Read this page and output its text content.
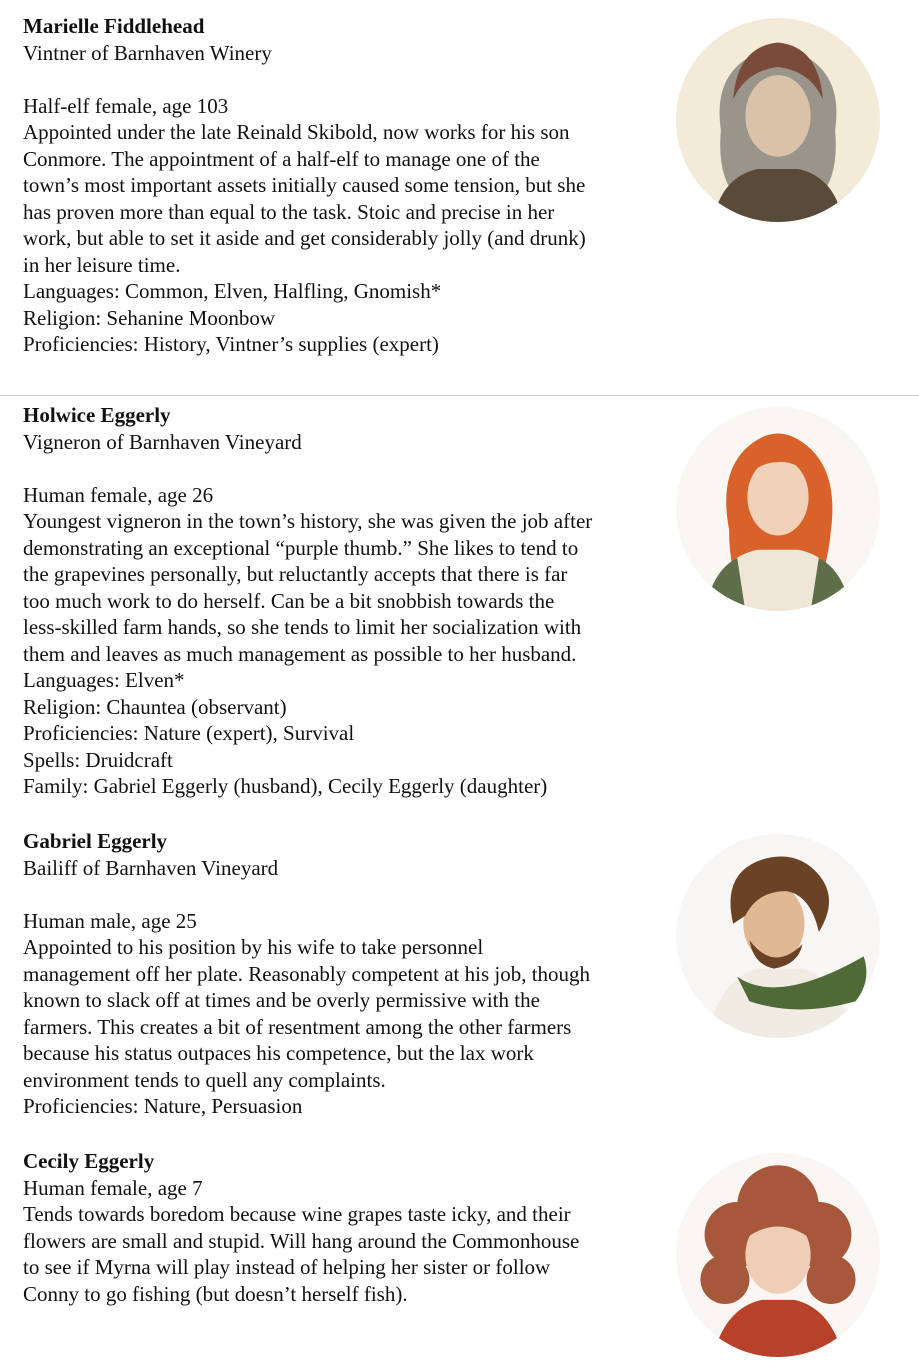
Marielle Fiddlehead

Vintner of Barnhaven Winery

Half-elf female, age 103

Appointed under the late Reinald Skibold, now works for his son

Conmore. The appointment of a half-elf to manage one of the

town’s most important assets initially caused some tension, but she

has proven more than equal to the task. Stoic and precise in her

work, but able to set it aside and get considerably jolly (and drunk)

in her leisure time.

Languages: Common, Elven, Halfling, Gnomish*

Religion: Sehanine Moonbow

Proficiencies: History, Vintner’s supplies (expert)

Holwice Eggerly

Vigneron of Barnhaven Vineyard

Human female, age 26

Youngest vigneron in the town’s history, she was given the job after

demonstrating an exceptional “purple thumb.” She likes to tend to

the grapevines personally, but reluctantly accepts that there is far

too much work to do herself. Can be a bit snobbish towards the

less-skilled farm hands, so she tends to limit her socialization with

them and leaves as much management as possible to her husband.

Languages: Elven*

Religion: Chauntea (observant)

Proficiencies: Nature (expert), Survival

Spells: Druidcraft

Family: Gabriel Eggerly (husband), Cecily Eggerly (daughter)

Gabriel Eggerly

Bailiff of Barnhaven Vineyard

Human male, age 25

Appointed to his position by his wife to take personnel

management off her plate. Reasonably competent at his job, though

known to slack off at times and be overly permissive with the

farmers. This creates a bit of resentment among the other farmers

because his status outpaces his competence, but the lax work

environment tends to quell any complaints.

Proficiencies: Nature, Persuasion

Cecily Eggerly

Human female, age 7

Tends towards boredom because wine grapes taste icky, and their

flowers are small and stupid. Will hang around the Commonhouse

to see if Myrna will play instead of helping her sister or follow

Conny to go fishing (but doesn’t herself fish).
